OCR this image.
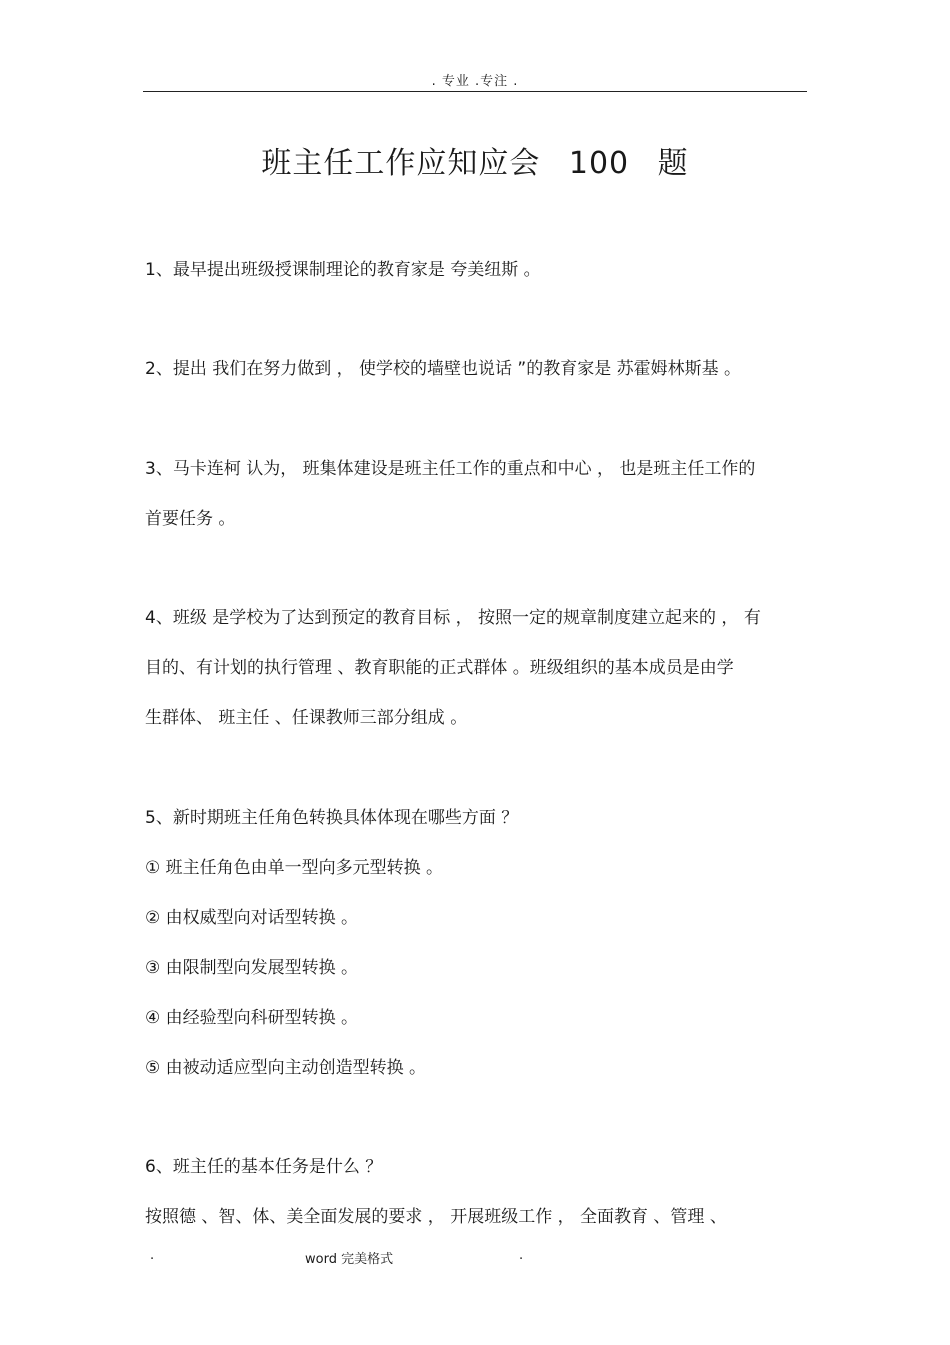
. 专业 .专注 .
班主任工作应知应会 100 题
1、最早提出班级授课制理论的教育家是 夸美纽斯 。
2、提出 我们在努力做到 ， 使学校的墙壁也说话 ”的教育家是 苏霍姆林斯基 。
3、马卡连柯 认为， 班集体建设是班主任工作的重点和中心 ， 也是班主任工作的
首要任务 。
4、班级 是学校为了达到预定的教育目标 ， 按照一定的规章制度建立起来的 ， 有
目的、有计划的执行管理 、教育职能的正式群体 。班级组织的基本成员是由学
生群体、 班主任 、任课教师三部分组成 。
5、新时期班主任角色转换具体体现在哪些方面 ？
① 班主任角色由单一型向多元型转换 。
② 由权威型向对话型转换 。
③ 由限制型向发展型转换 。
④ 由经验型向科研型转换 。
⑤ 由被动适应型向主动创造型转换 。
6、班主任的基本任务是什么 ？
按照德 、智、体、美全面发展的要求 ， 开展班级工作 ， 全面教育 、管理 、
.	word 完美格式	.
